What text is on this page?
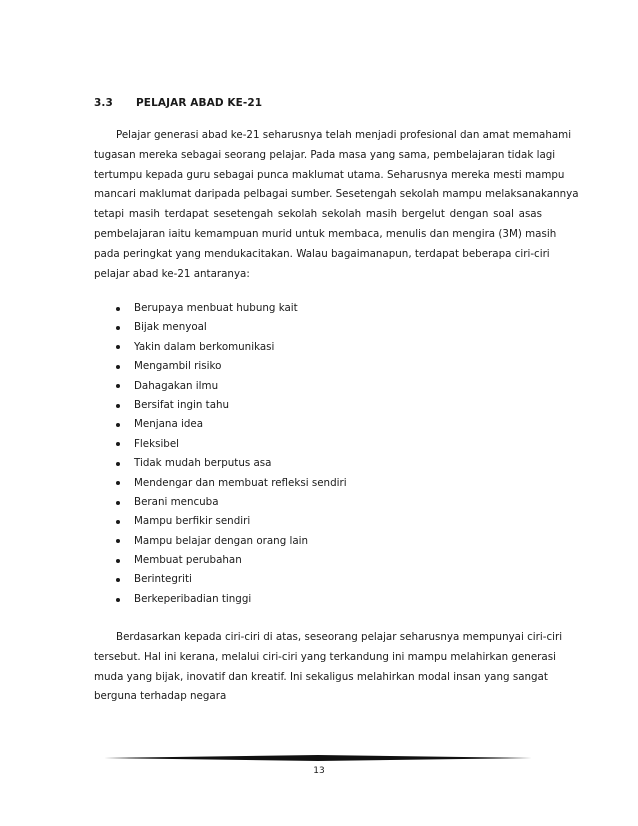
3.3	PELAJAR ABAD KE-21
Pelajar generasi abad ke-21 seharusnya telah menjadi profesional dan amat memahami
tugasan mereka sebagai seorang pelajar. Pada masa yang sama, pembelajaran tidak lagi
tertumpu kepada guru sebagai punca maklumat utama. Seharusnya mereka mesti mampu
mancari maklumat daripada pelbagai sumber. Sesetengah sekolah mampu melaksanakannya
tetapi masih terdapat sesetengah sekolah sekolah masih bergelut dengan soal asas
pembelajaran iaitu kemampuan murid untuk membaca, menulis dan mengira (3M) masih
pada peringkat yang mendukacitakan. Walau bagaimanapun, terdapat beberapa ciri-ciri
pelajar abad ke-21 antaranya:
Berupaya menbuat hubung kait
Bijak menyoal
Yakin dalam berkomunikasi
Mengambil risiko
Dahagakan ilmu
Bersifat ingin tahu
Menjana idea
Fleksibel
Tidak mudah berputus asa
Mendengar dan membuat refleksi sendiri
Berani mencuba
Mampu berfikir sendiri
Mampu belajar dengan orang lain
Membuat perubahan
Berintegriti
Berkeperibadian tinggi
Berdasarkan kepada ciri-ciri di atas, seseorang pelajar seharusnya mempunyai ciri-ciri
tersebut. Hal ini kerana, melalui ciri-ciri yang terkandung ini mampu melahirkan generasi
muda yang bijak, inovatif dan kreatif. Ini sekaligus melahirkan modal insan yang sangat
berguna terhadap negara
13
